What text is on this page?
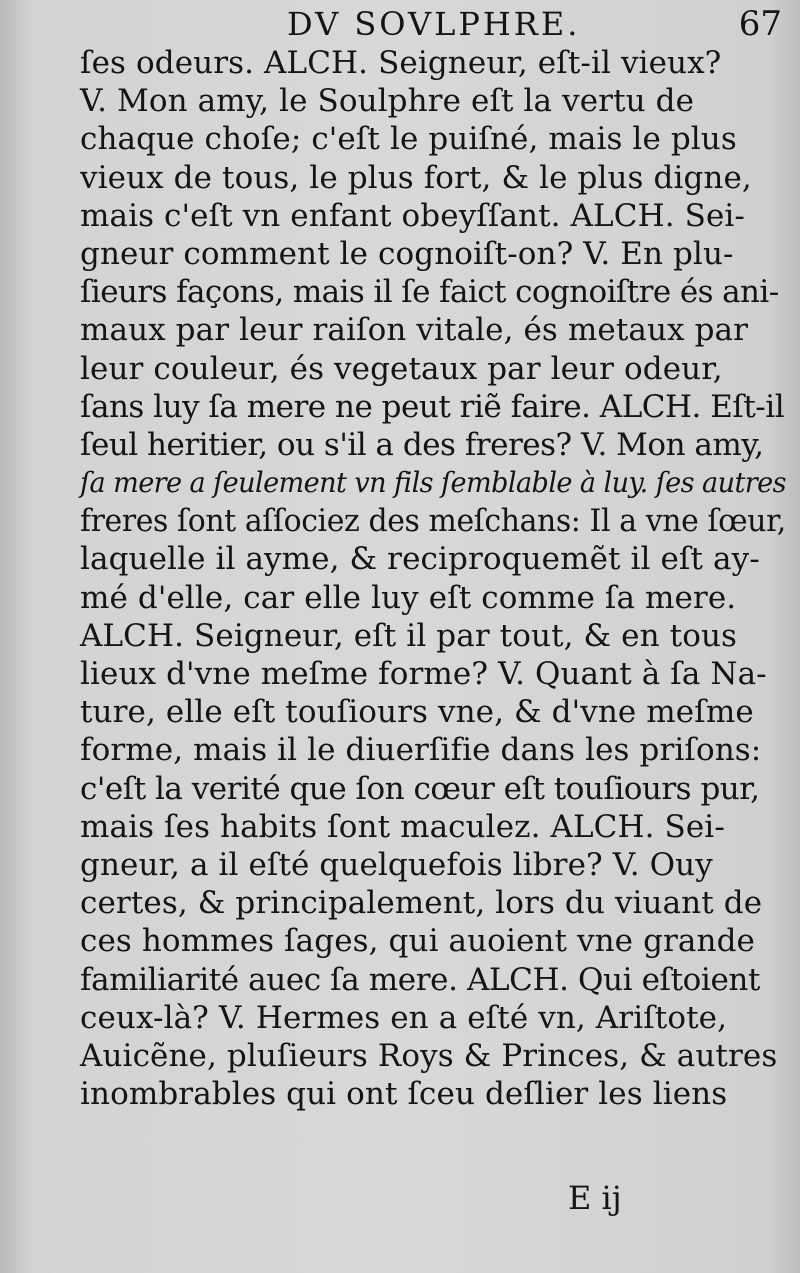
DV SOVLPHRE.	67
ſes odeurs. ALCH. Seigneur, eſt-il vieux?
V. Mon amy, le Soulphre eſt la vertu de
chaque choſe; c'eſt le puiſné, mais le plus
vieux de tous, le plus fort, & le plus digne,
mais c'eſt vn enfant obeyſſant. ALCH. Sei-
gneur comment le cognoiſt-on? V. En plu-
ſieurs façons, mais il ſe faict cognoiſtre és ani-
maux par leur raiſon vitale, és metaux par
leur couleur, és vegetaux par leur odeur,
ſans luy ſa mere ne peut riẽ faire. ALCH. Eſt-il
ſeul heritier, ou s'il a des freres? V. Mon amy,
ſa mere a ſeulement vn fils ſemblable à luy. ſes autres
freres ſont aſſociez des meſchans: Il a vne ſœur,
laquelle il ayme, & reciproquemẽt il eſt ay-
mé d'elle, car elle luy eſt comme ſa mere.
ALCH. Seigneur, eſt il par tout, & en tous
lieux d'vne meſme forme? V. Quant à ſa Na-
ture, elle eſt touſiours vne, & d'vne meſme
forme, mais il le diuerſifie dans les priſons:
c'eſt la verité que ſon cœur eſt touſiours pur,
mais ſes habits ſont maculez. ALCH. Sei-
gneur, a il eſté quelquefois libre? V. Ouy
certes, & principalement, lors du viuant de
ces hommes ſages, qui auoient vne grande
familiarité auec ſa mere. ALCH. Qui eſtoient
ceux-là? V. Hermes en a eſté vn, Ariſtote,
Auicẽne, pluſieurs Roys & Princes, & autres
inombrables qui ont ſceu deſlier les liens
E ij
